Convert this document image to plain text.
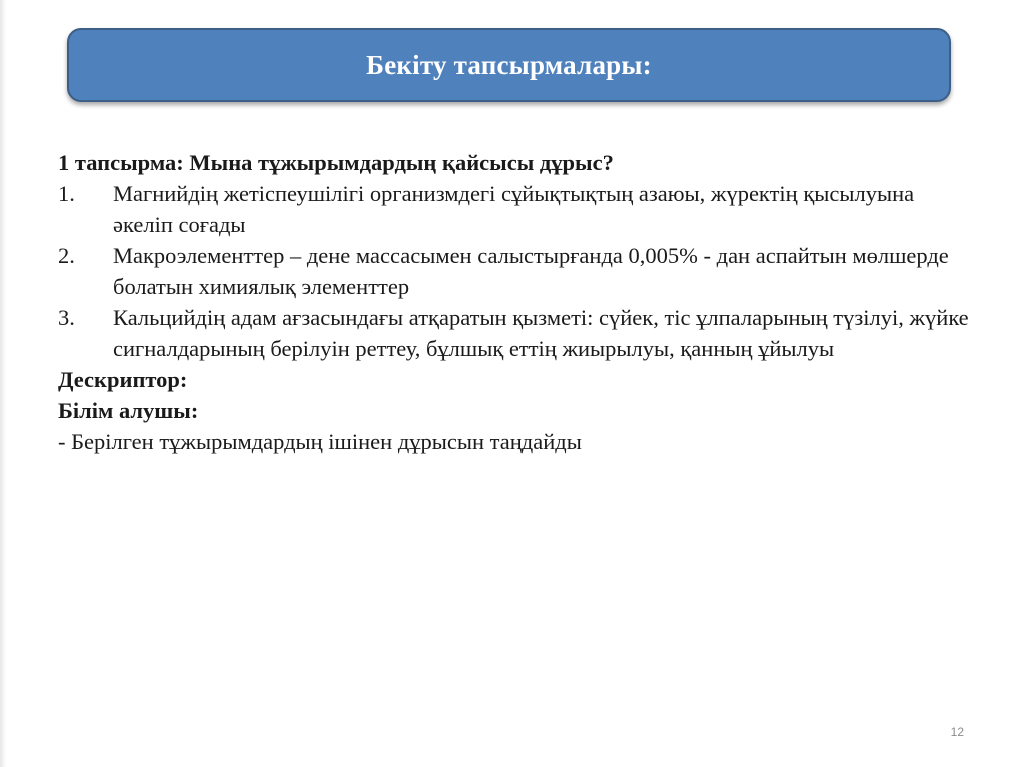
Бекіту тапсырмалары:

1 тапсырма: Мына тұжырымдардың қайсысы дұрыс?

1.	Магнийдің жетіспеушілігі организмдегі сұйықтықтың азаюы, жүректің қысылуына әкеліп соғады
2.	Макроэлементтер – дене массасымен салыстырғанда 0,005% - дан аспайтын мөлшерде болатын химиялық элементтер
3.	Кальцийдің адам ағзасындағы атқаратын қызметі: сүйек, тіс ұлпаларының түзілуі, жүйке сигналдарының берілуін реттеу, бұлшық еттің жиырылуы, қанның ұйылуы

Дескриптор:

Білім алушы:

- Берілген тұжырымдардың ішінен дұрысын таңдайды

12
